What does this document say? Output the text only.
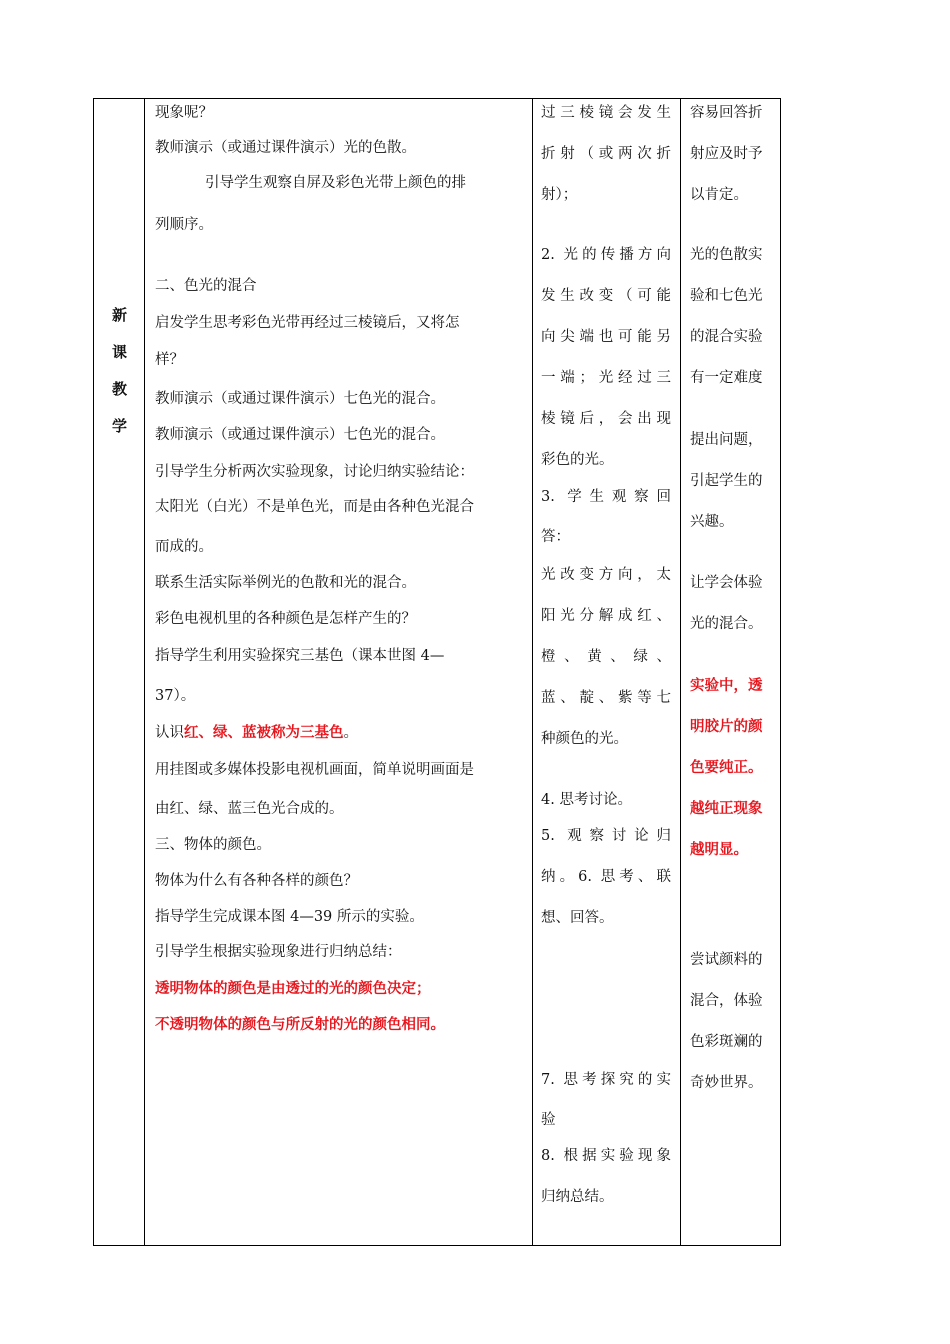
新
课
教
学
现象呢？
教师演示（或通过课件演示）光的色散。
引导学生观察自屏及彩色光带上颜色的排
列顺序。
二、色光的混合
启发学生思考彩色光带再经过三棱镜后，又将怎
样？
教师演示（或通过课件演示）七色光的混合。
教师演示（或通过课件演示）七色光的混合。
引导学生分析两次实验现象，讨论归纳实验结论：
太阳光（白光）不是单色光，而是由各种色光混合
而成的。
联系生活实际举例光的色散和光的混合。
彩色电视机里的各种颜色是怎样产生的？
指导学生利用实验探究三基色（课本世图 4—
37）。
认识红、绿、蓝被称为三基色。
用挂图或多媒体投影电视机画面，简单说明画面是
由红、绿、蓝三色光合成的。
三、物体的颜色。
物体为什么有各种各样的颜色？
指导学生完成课本图 4—39 所示的实验。
引导学生根据实验现象进行归纳总结：
透明物体的颜色是由透过的光的颜色决定；
不透明物体的颜色与所反射的光的颜色相同。
过三棱镜会发生
折射（或两次折
射）；
2. 光的传播方向
发生改变（可能
向尖端也可能另
一端；光经过三
棱镜后，会出现
彩色的光。
3. 学生观察回
答：
光改变方向，太
阳光分解成红、
橙、黄、绿、
蓝、靛、紫等七
种颜色的光。
4. 思考讨论。
5. 观察讨论归
纳。6. 思考、联
想、回答。
7. 思考探究的实
验
8. 根据实验现象
归纳总结。
容易回答折
射应及时予
以肯定。
光的色散实
验和七色光
的混合实验
有一定难度
提出问题，
引起学生的
兴趣。
让学会体验
光的混合。
实验中，透
明胶片的颜
色要纯正。
越纯正现象
越明显。
尝试颜料的
混合，体验
色彩斑斓的
奇妙世界。
